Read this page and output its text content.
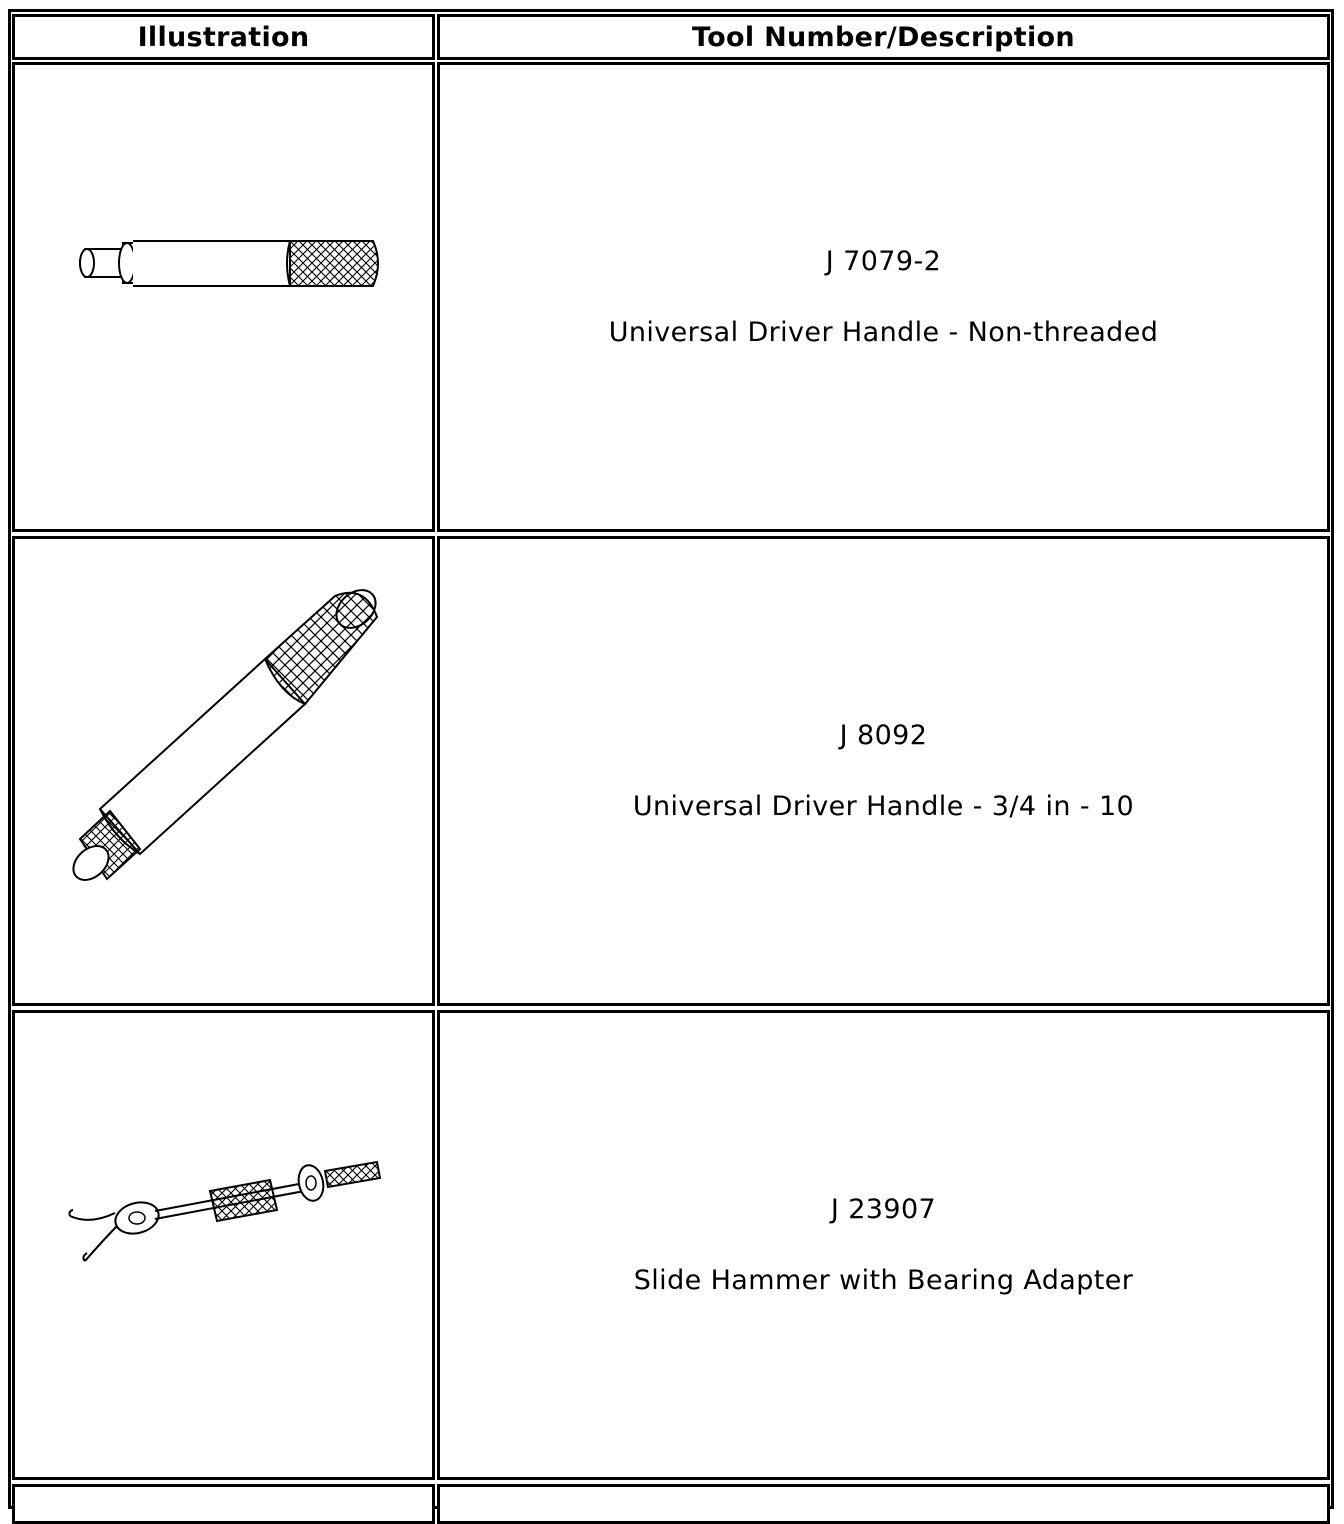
Illustration	Tool Number/Description
J 7079-2
Universal Driver Handle - Non-threaded
J 8092
Universal Driver Handle - 3/4 in - 10
J 23907
Slide Hammer with Bearing Adapter
